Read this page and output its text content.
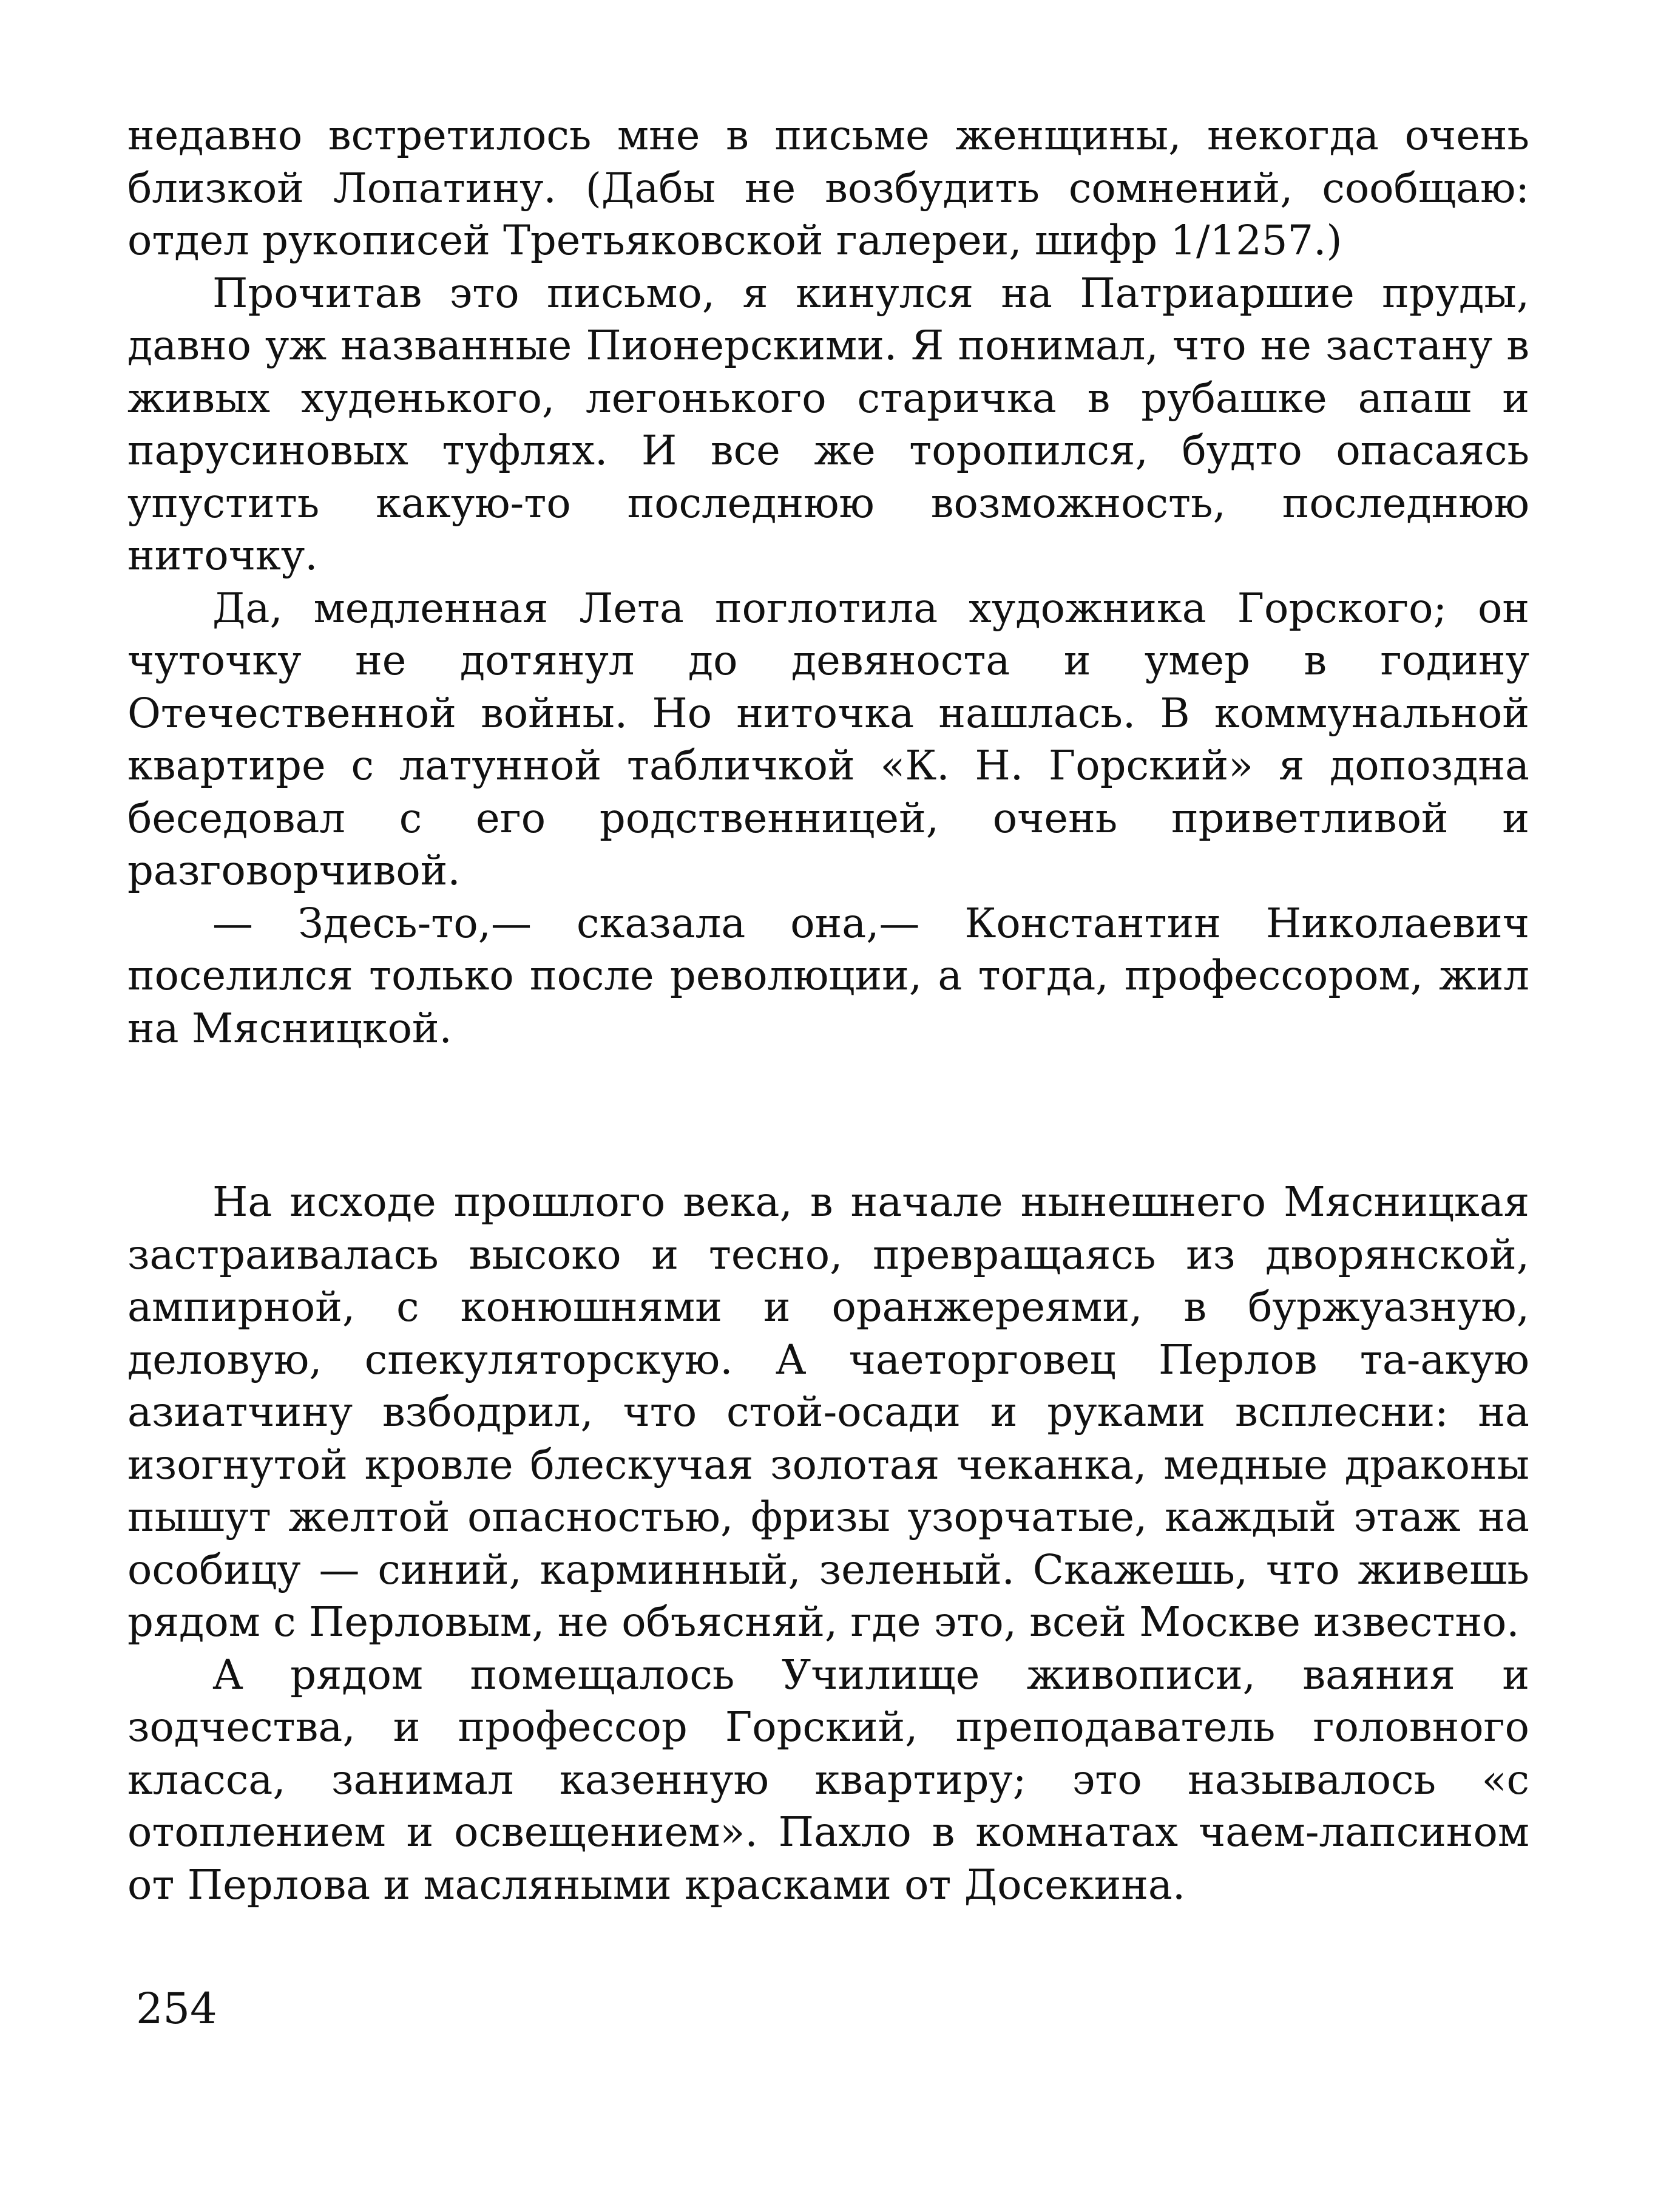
недавно встретилось мне в письме женщины, некогда очень близкой Лопатину. (Дабы не возбудить сомнений, сообщаю: отдел рукописей Третьяковской галереи, шифр 1/1257.)

Прочитав это письмо, я кинулся на Патриаршие пруды, давно уж названные Пионерскими. Я понимал, что не застану в живых худенького, легонького старичка в рубашке апаш и парусиновых туфлях. И все же торопился, будто опасаясь упустить какую-то последнюю возможность, последнюю ниточку.

Да, медленная Лета поглотила художника Горского; он чуточку не дотянул до девяноста и умер в годину Отечественной войны. Но ниточка нашлась. В коммунальной квартире с латунной табличкой «К. Н. Горский» я допоздна беседовал с его родственницей, очень приветливой и разговорчивой.

— Здесь-то,— сказала она,— Константин Николаевич поселился только после революции, а тогда, профессором, жил на Мясницкой.

На исходе прошлого века, в начале нынешнего Мясницкая застраивалась высоко и тесно, превращаясь из дворянской, ампирной, с конюшнями и оранжереями, в буржуазную, деловую, спекуляторскую. А чаеторговец Перлов та-акую азиатчину взбодрил, что стой-осади и руками всплесни: на изогнутой кровле блескучая золотая чеканка, медные драконы пышут желтой опасностью, фризы узорчатые, каждый этаж на особицу — синий, карминный, зеленый. Скажешь, что живешь рядом с Перловым, не объясняй, где это, всей Москве известно.

А рядом помещалось Училище живописи, ваяния и зодчества, и профессор Горский, преподаватель головного класса, занимал казенную квартиру; это называлось «с отоплением и освещением». Пахло в комнатах чаем-лапсином от Перлова и масляными красками от Досекина.

254
